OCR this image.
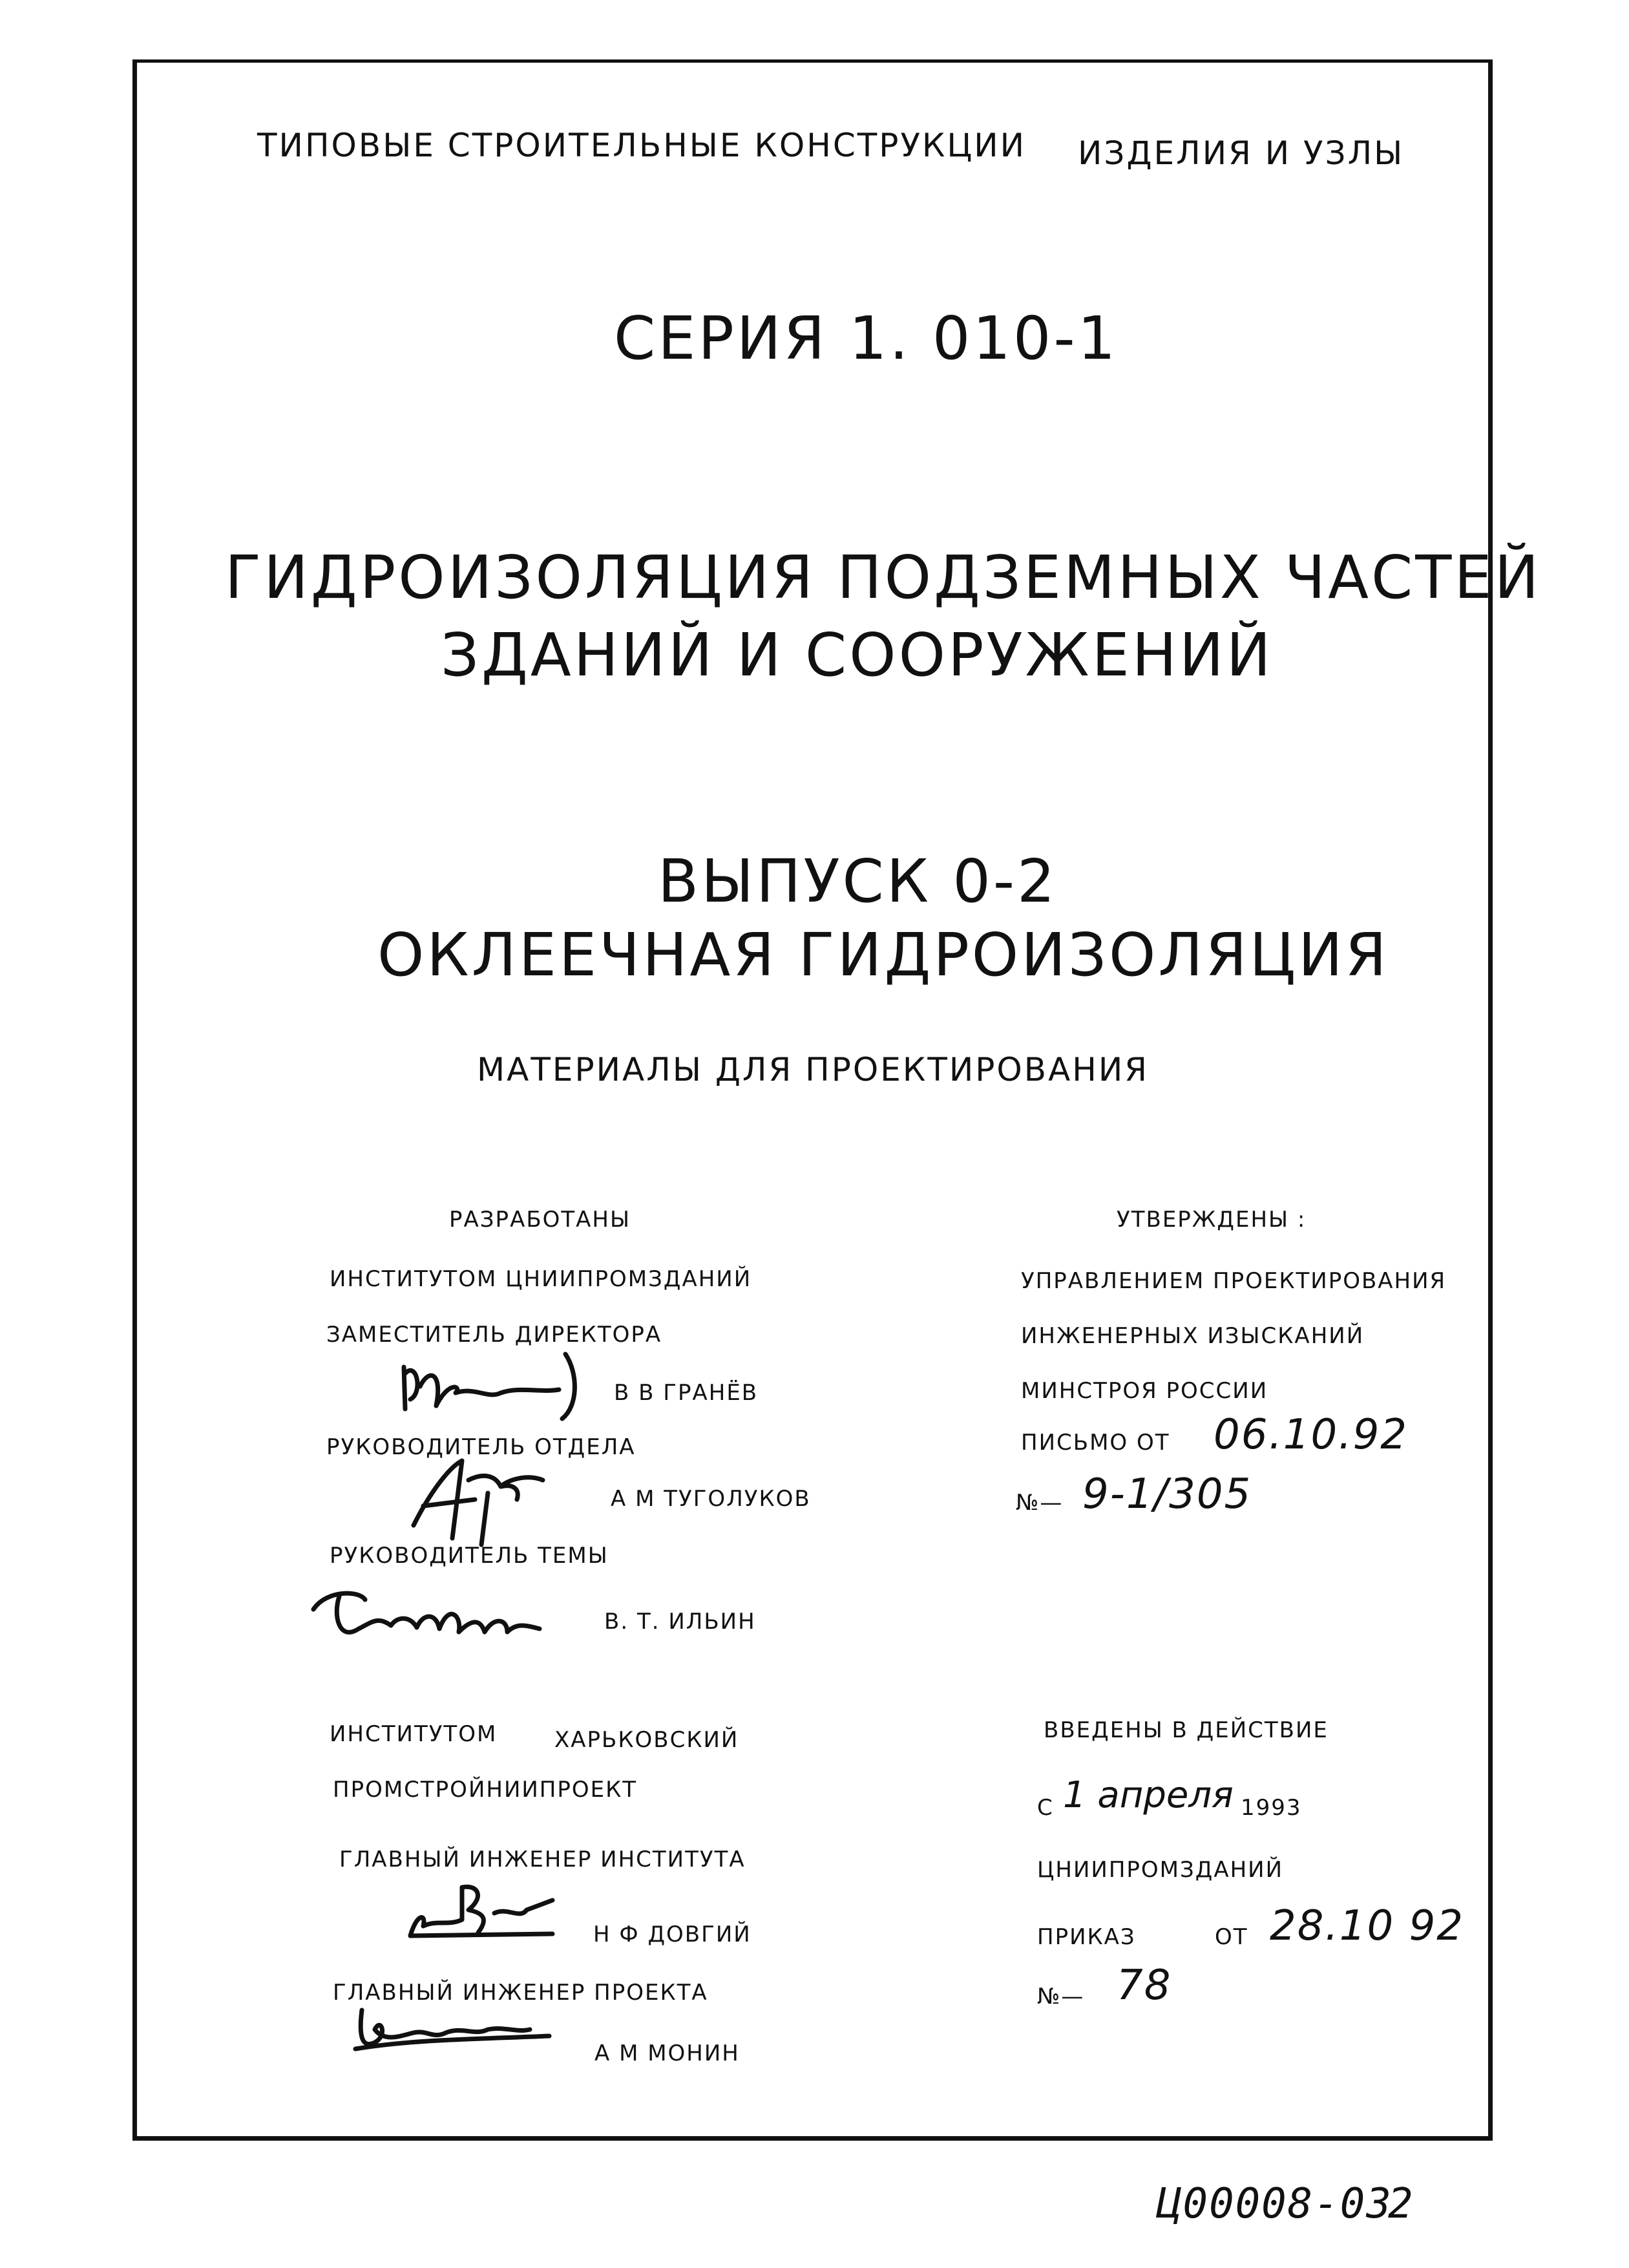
ТИПОВЫЕ СТРОИТЕЛЬНЫЕ КОНСТРУКЦИИ ИЗДЕЛИЯ И УЗЛЫ
СЕРИЯ 1. 010-1
ГИДРОИЗОЛЯЦИЯ ПОДЗЕМНЫХ ЧАСТЕЙ
ЗДАНИЙ И СООРУЖЕНИЙ
ВЫПУСК 0-2
ОКЛЕЕЧНАЯ ГИДРОИЗОЛЯЦИЯ
МАТЕРИАЛЫ ДЛЯ ПРОЕКТИРОВАНИЯ
РАЗРАБОТАНЫ
ИНСТИТУТОМ ЦНИИПРОМЗДАНИЙ
ЗАМЕСТИТЕЛЬ ДИРЕКТОРА
В В ГРАНЁВ
РУКОВОДИТЕЛЬ ОТДЕЛА
А М ТУГОЛУКОВ
РУКОВОДИТЕЛЬ ТЕМЫ
В. Т. ИЛЬИН
ИНСТИТУТОМ	ХАРЬКОВСКИЙ
ПРОМСТРОЙНИИПРОЕКТ
ГЛАВНЫЙ ИНЖЕНЕР ИНСТИТУТА
Н Ф ДОВГИЙ
ГЛАВНЫЙ ИНЖЕНЕР ПРОЕКТА
А М МОНИН
УТВЕРЖДЕНЫ :
УПРАВЛЕНИЕМ ПРОЕКТИРОВАНИЯ
ИНЖЕНЕРНЫХ ИЗЫСКАНИЙ
МИНСТРОЯ РОССИИ
ПИСЬМО ОТ 06.10.92
№— 9-1/305
ВВЕДЕНЫ В ДЕЙСТВИЕ
С 1 апреля 1993
ЦНИИПРОМЗДАНИЙ
ПРИКАЗ	ОТ 28.10 92
№— 78
Ц00008-03
2
